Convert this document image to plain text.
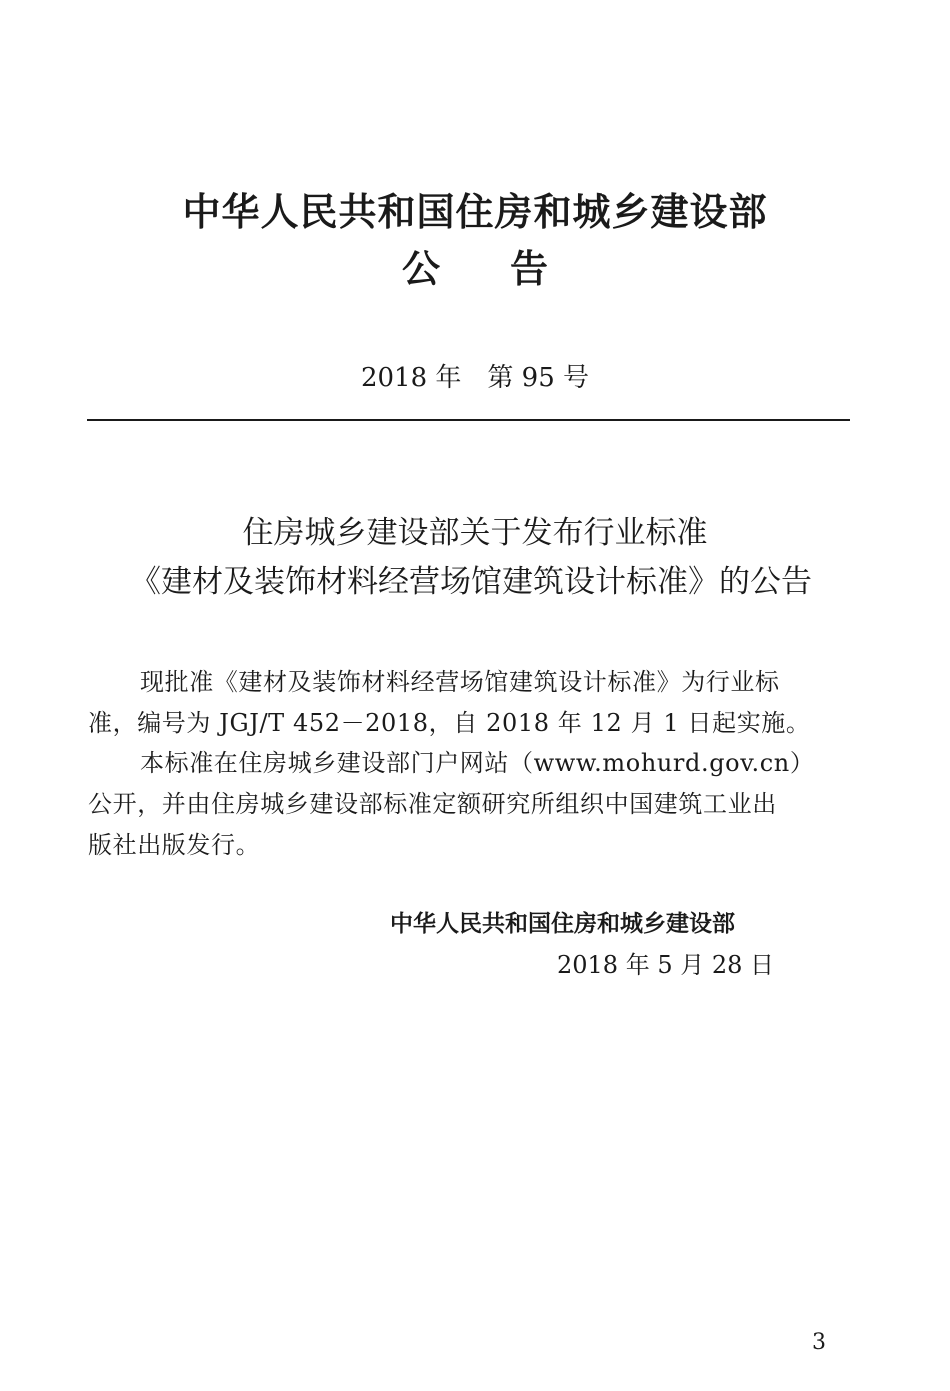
中华人民共和国住房和城乡建设部
公告
2018 年　第 95 号
住房城乡建设部关于发布行业标准
《建材及装饰材料经营场馆建筑设计标准》的公告
现批准《建材及装饰材料经营场馆建筑设计标准》为行业标
准，编号为 JGJ/T 452－2018，自 2018 年 12 月 1 日起实施。
本标准在住房城乡建设部门户网站（www.mohurd.gov.cn）
公开，并由住房城乡建设部标准定额研究所组织中国建筑工业出
版社出版发行。
中华人民共和国住房和城乡建设部
2018 年 5 月 28 日
3
